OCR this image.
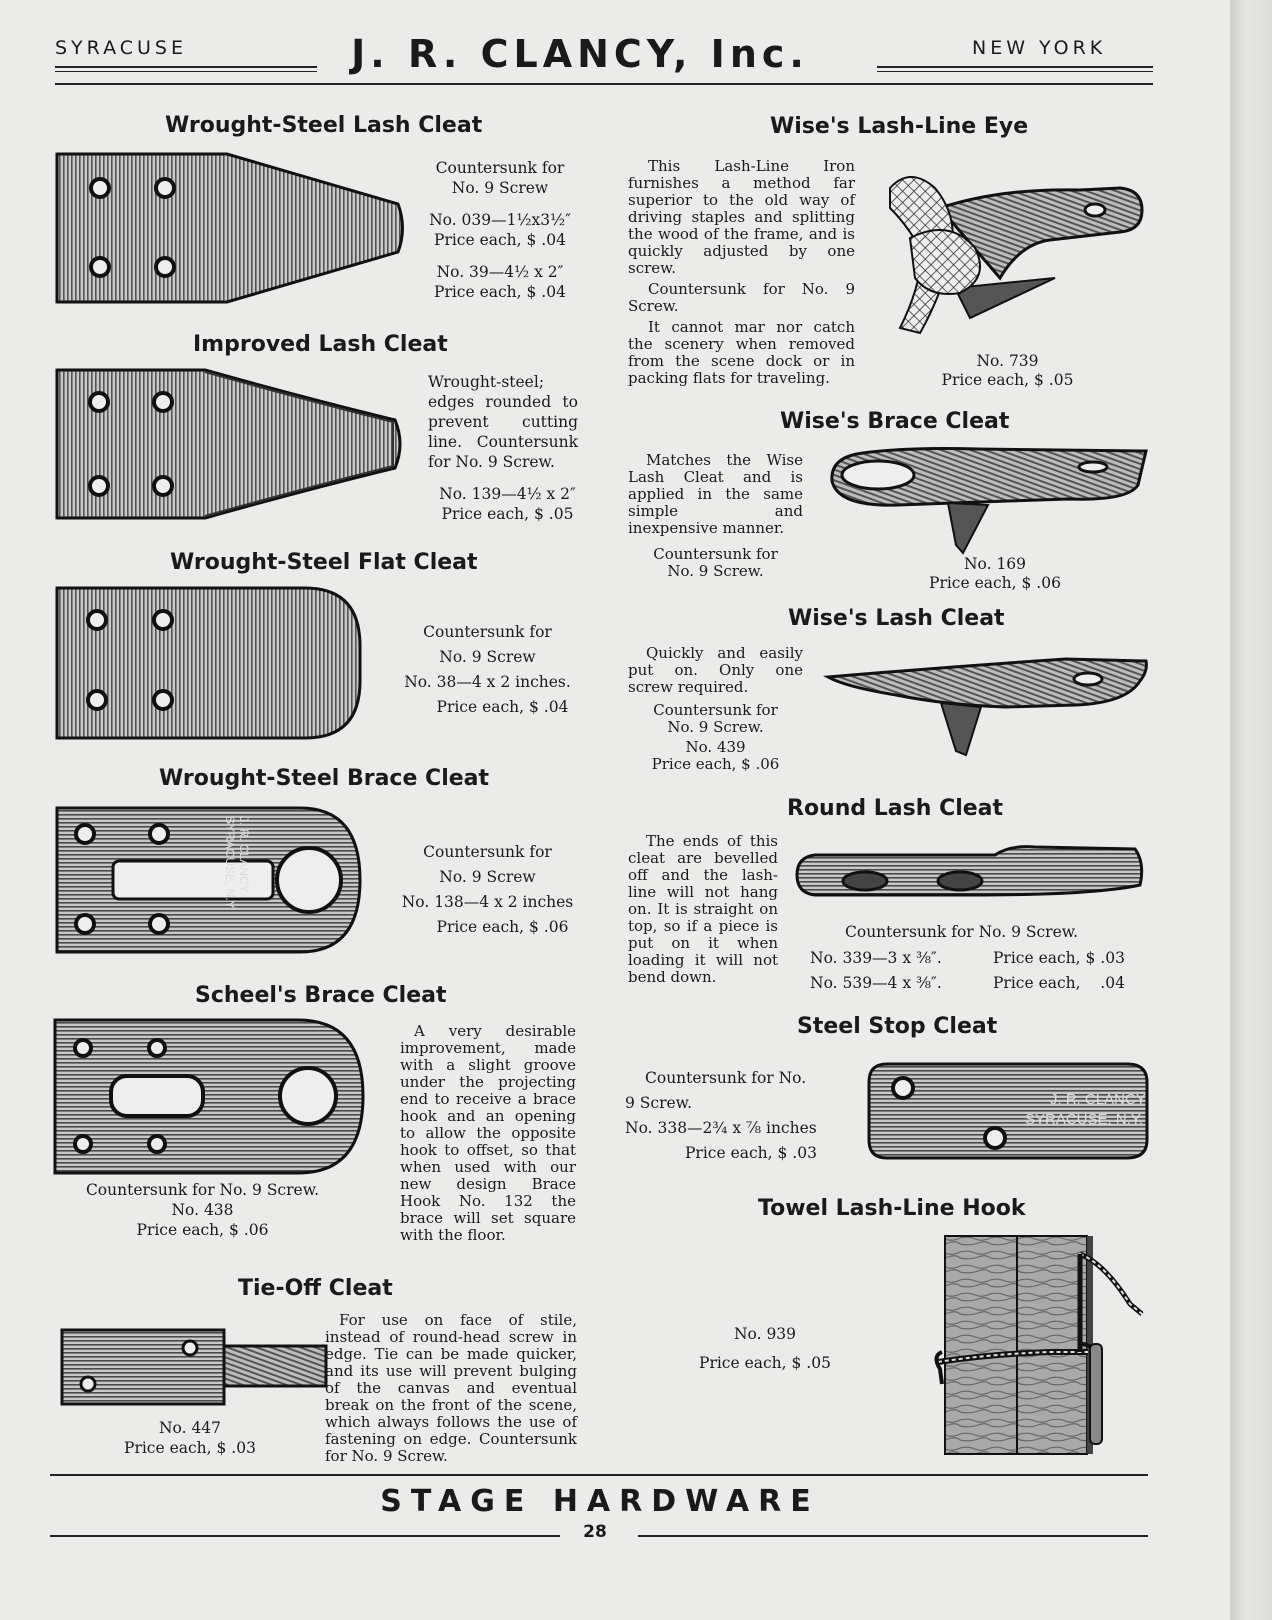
SYRACUSE	J. R. CLANCY, Inc.	NEW YORK
Wrought-Steel Lash Cleat
Countersunk for
No. 9 Screw
No. 039—1½x3½″
Price each, $ .04
No. 39—4½ x 2″
Price each, $ .04
Improved Lash Cleat
Wrought-steel; edges rounded to prevent cutting line. Countersunk for No. 9 Screw.
No. 139—4½ x 2″
Price each, $ .05
Wrought-Steel Flat Cleat
Countersunk for
No. 9 Screw
No. 38—4 x 2 inches.
Price each, $ .04
Wrought-Steel Brace Cleat
J. R. CLANCY
SYRACUSE, N.Y.	Countersunk for
No. 9 Screw
No. 138—4 x 2 inches
Price each, $ .06
Scheel's Brace Cleat
Countersunk for No. 9 Screw.
No. 438
Price each, $ .06
A very desirable improvement, made with a slight groove under the projecting end to receive a brace hook and an opening to allow the opposite hook to offset, so that when used with our new design Brace Hook No. 132 the brace will set square with the floor.
Tie-Off Cleat
No. 447
Price each, $ .03
For use on face of stile, instead of round-head screw in edge. Tie can be made quicker, and its use will prevent bulging of the canvas and eventual break on the front of the scene, which always follows the use of fastening on edge. Countersunk for No. 9 Screw.
Wise's Lash-Line Eye

This Lash-Line Iron furnishes a method far superior to the old way of driving staples and splitting the wood of the frame, and is quickly adjusted by one screw.

Countersunk for No. 9 Screw.

It cannot mar nor catch the scenery when removed from the scene dock or in packing flats for traveling.

No. 739
Price each, $ .05
Wise's Brace Cleat
Matches the Wise Lash Cleat and is applied in the same simple and inexpensive manner.
Countersunk for
No. 9 Screw.	No. 169
Price each, $ .06
Wise's Lash Cleat
Quickly and easily put on. Only one screw required.
Countersunk for
No. 9 Screw.
No. 439
Price each, $ .06
Round Lash Cleat
The ends of this cleat are bevelled off and the lash-line will not hang on. It is straight on top, so if a piece is put on it when loading it will not bend down.
Countersunk for No. 9 Screw.
No. 339—3 x ⅜″.	Price each, $ .03
No. 539—4 x ⅜″.	Price each,    .04
Steel Stop Cleat
Countersunk for No.
9 Screw.
No. 338—2¾ x ⅞ inches
Price each, $ .03
J. R. CLANCY
SYRACUSE, N.Y.
Towel Lash-Line Hook
No. 939
Price each, $ .05
STAGE HARDWARE
28
